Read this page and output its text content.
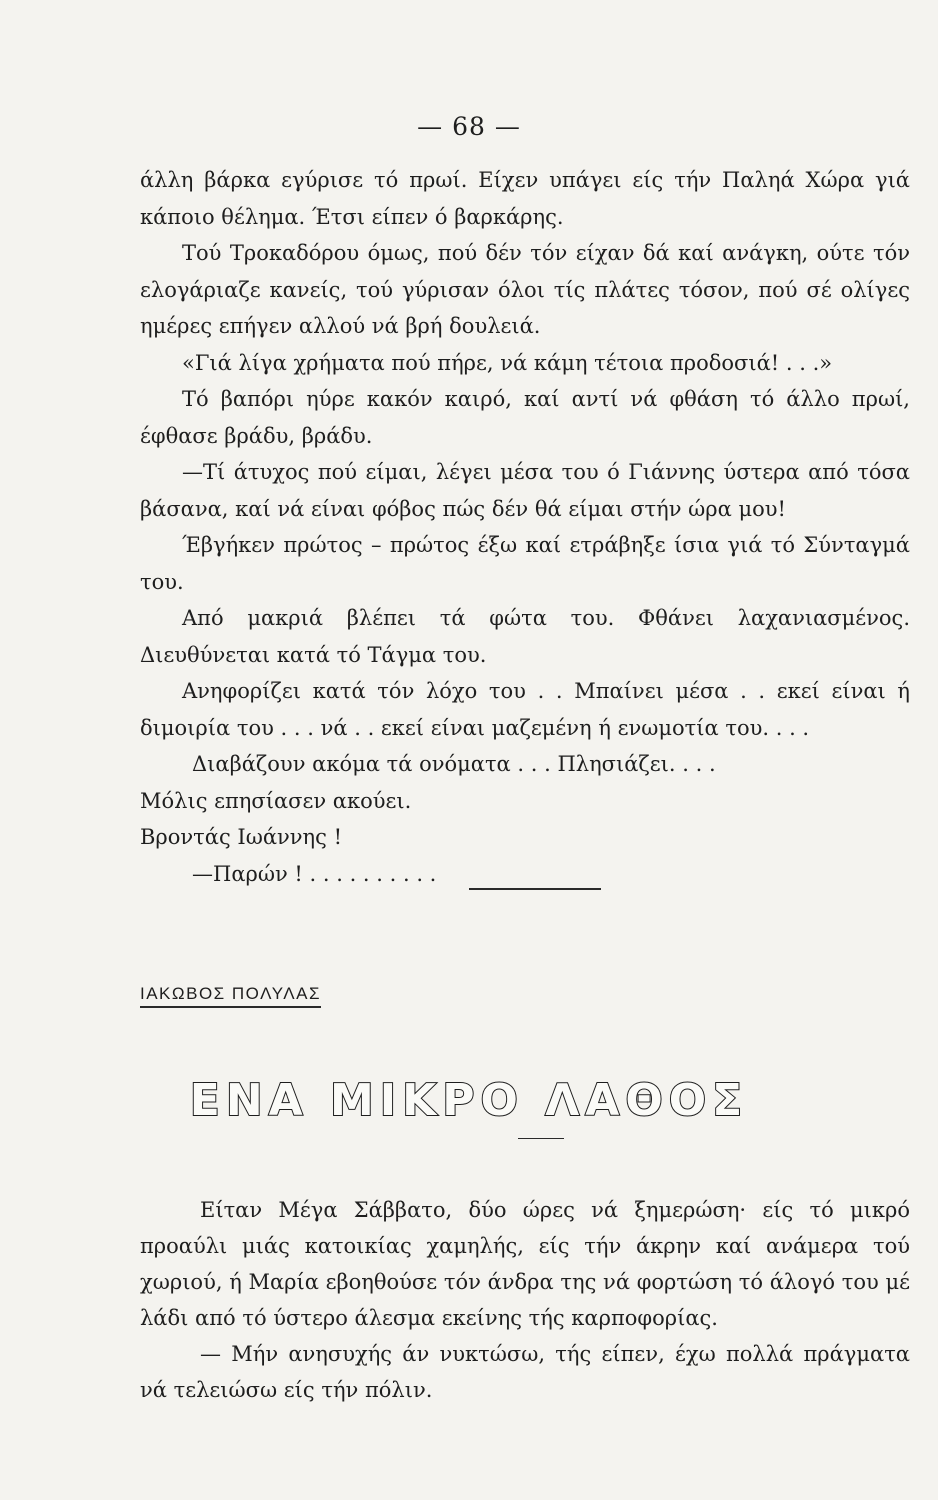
— 68 —

άλλη βάρκα εγύρισε τό πρωί. Είχεν υπάγει είς τήν Παληά Χώρα γιά κάποιο θέλημα. Έτσι είπεν ό βαρκάρης.

Τού Τροκαδόρου όμως, πού δέν τόν είχαν δά καί ανάγκη, ούτε τόν ελογάριαζε κανείς, τού γύρισαν όλοι τίς πλάτες τόσον, πού σέ ολίγες ημέρες επήγεν αλλού νά βρή δουλειά.

«Γιά λίγα χρήματα πού πήρε, νά κάμη τέτοια προδοσιά! . . .»

Τό βαπόρι ηύρε κακόν καιρό, καί αντί νά φθάση τό άλλο πρωί, έφθασε βράδυ, βράδυ.

—Τί άτυχος πού είμαι, λέγει μέσα του ό Γιάννης ύστερα από τόσα βάσανα, καί νά είναι φόβος πώς δέν θά είμαι στήν ώρα μου!

Έβγήκεν πρώτος – πρώτος έξω καί ετράβηξε ίσια γιά τό Σύνταγμά του.

Από μακριά βλέπει τά φώτα του. Φθάνει λαχανιασμένος. Διευθύνεται κατά τό Τάγμα του.

Ανηφορίζει κατά τόν λόχο του . . Μπαίνει μέσα . . εκεί είναι ή διμοιρία του . . . νά . . εκεί είναι μαζεμένη ή ενωμοτία του. . . .

Διαβάζουν ακόμα τά ονόματα . . . Πλησιάζει. . . .

Μόλις επησίασεν ακούει.

Βροντάς Ιωάννης !

—Παρών ! . . . . . . . . . .

ΙΑΚΩΒΟΣ ΠΟΛΥΛΑΣ
ΕΝΑ ΜΙΚΡΟ ΛΑΘΟΣ

Είταν Μέγα Σάββατο, δύο ώρες νά ξημερώση· είς τό μικρό προαύλι μιάς κατοικίας χαμηλής, είς τήν άκρην καί ανάμερα τού χωριού, ή Μαρία εβοηθούσε τόν άνδρα της νά φορτώση τό άλογό του μέ λάδι από τό ύστερο άλεσμα εκείνης τής καρποφορίας.

— Μήν ανησυχής άν νυκτώσω, τής είπεν, έχω πολλά πράγματα νά τελειώσω είς τήν πόλιν.
